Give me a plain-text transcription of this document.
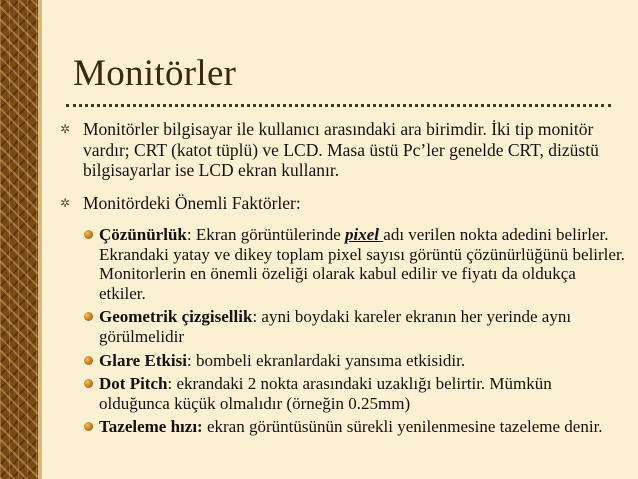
Monitörler

✲ Monitörler bilgisayar ile kullanıcı arasındaki ara birimdir. İki tip monitör vardır; CRT (katot tüplü) ve LCD. Masa üstü Pc’ler genelde CRT, dizüstü bilgisayarlar ise LCD ekran kullanır.

✲ Monitördeki Önemli Faktörler:

Çözünürlük: Ekran görüntülerinde pixel adı verilen nokta adedini belirler. Ekrandaki yatay ve dikey toplam pixel sayısı görüntü çözünürlüğünü belirler. Monitorlerin en önemli özeliği olarak kabul edilir ve fiyatı da oldukça etkiler.

Geometrik çizgisellik: ayni boydaki kareler ekranın her yerinde aynı görülmelidir

Glare Etkisi: bombeli ekranlardaki yansıma etkisidir.

Dot Pitch: ekrandaki 2 nokta arasındaki uzaklığı belirtir. Mümkün olduğunca küçük olmalıdır (örneğin 0.25mm)

Tazeleme hızı: ekran görüntüsünün sürekli yenilenmesine tazeleme denir.
